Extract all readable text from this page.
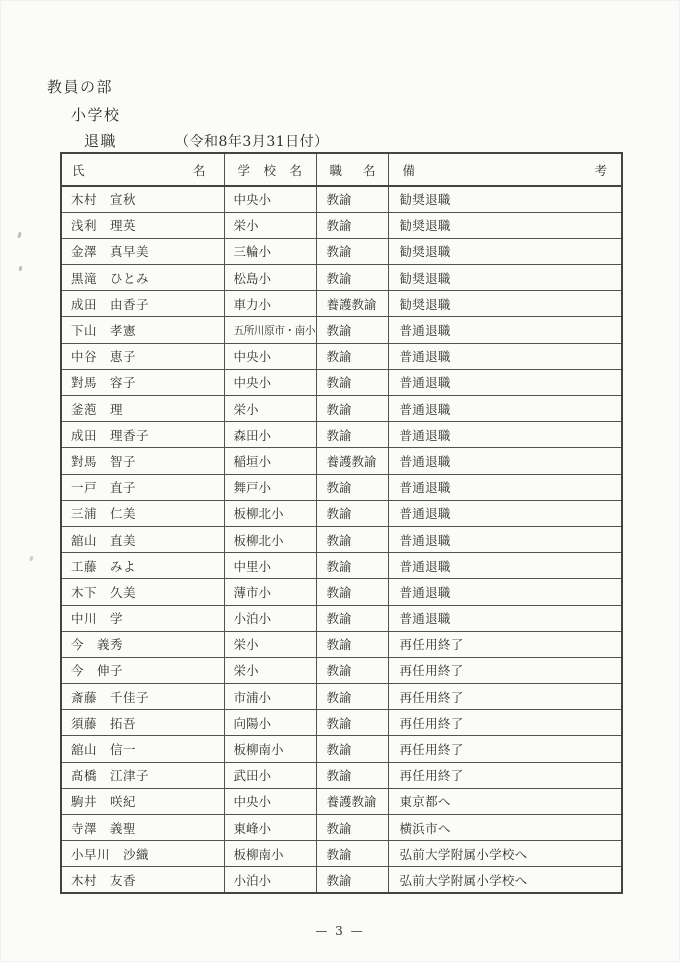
教員の部
小学校
退職	（令和8年3月31日付）
氏 名	学　校　名	職 名	備 考

木村　宣秋	中央小	教諭	勧奨退職
浅利　理英	栄小	教諭	勧奨退職
金澤　真早美	三輪小	教諭	勧奨退職
黒滝　ひとみ	松島小	教諭	勧奨退職
成田　由香子	車力小	養護教諭	勧奨退職
下山　孝憲	五所川原市・南小	教諭	普通退職
中谷　恵子	中央小	教諭	普通退職
對馬　容子	中央小	教諭	普通退職
釜萢　理	栄小	教諭	普通退職
成田　理香子	森田小	教諭	普通退職
對馬　智子	稲垣小	養護教諭	普通退職
一戸　直子	舞戸小	教諭	普通退職
三浦　仁美	板柳北小	教諭	普通退職
舘山　直美	板柳北小	教諭	普通退職
工藤　みよ	中里小	教諭	普通退職
木下　久美	薄市小	教諭	普通退職
中川　学	小泊小	教諭	普通退職
今　義秀	栄小	教諭	再任用終了
今　伸子	栄小	教諭	再任用終了
斎藤　千佳子	市浦小	教諭	再任用終了
須藤　拓吾	向陽小	教諭	再任用終了
舘山　信一	板柳南小	教諭	再任用終了
髙橋　江津子	武田小	教諭	再任用終了
駒井　咲紀	中央小	養護教諭	東京都へ
寺澤　義聖	東峰小	教諭	横浜市へ
小早川　沙織	板柳南小	教諭	弘前大学附属小学校へ
木村　友香	小泊小	教諭	弘前大学附属小学校へ
— 3 —
